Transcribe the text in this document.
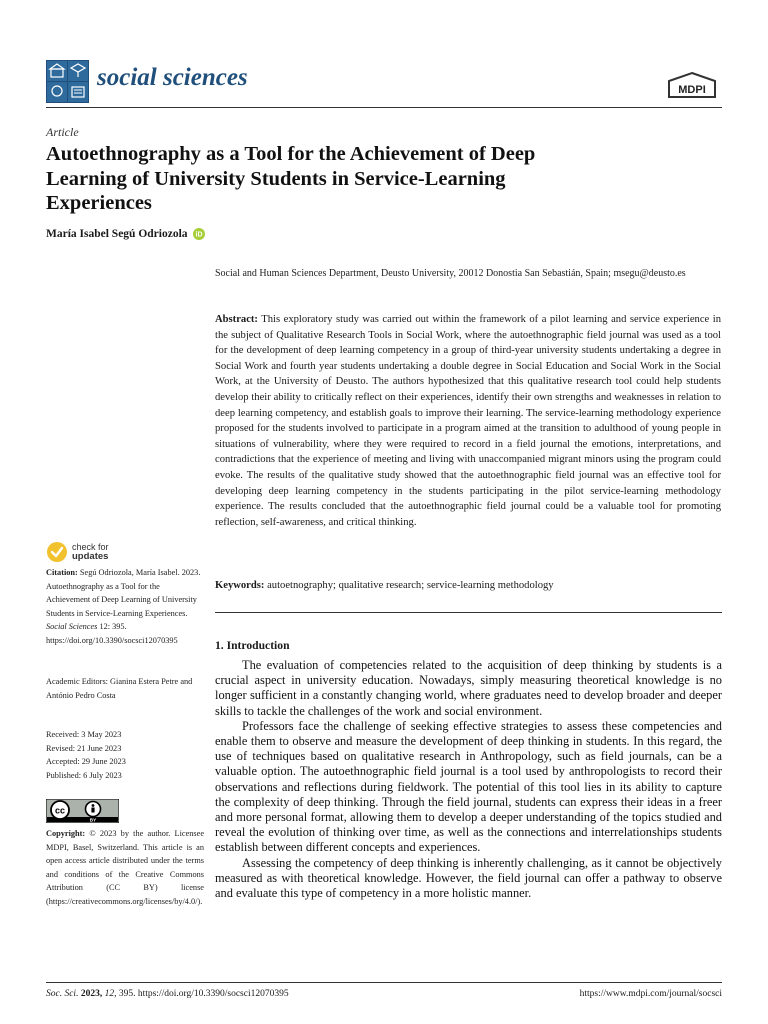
social sciences	MDPI
Article
Autoethnography as a Tool for the Achievement of Deep Learning of University Students in Service-Learning Experiences
María Isabel Segú Odriozola iD
Social and Human Sciences Department, Deusto University, 20012 Donostia San Sebastián, Spain; msegu@deusto.es
Abstract: This exploratory study was carried out within the framework of a pilot learning and service experience in the subject of Qualitative Research Tools in Social Work, where the autoethnographic field journal was used as a tool for the development of deep learning competency in a group of third-year university students undertaking a degree in Social Work and fourth year students undertaking a double degree in Social Education and Social Work in the Social Work, at the University of Deusto. The authors hypothesized that this qualitative research tool could help students develop their ability to critically reflect on their experiences, identify their own strengths and weaknesses in relation to deep learning competency, and establish goals to improve their learning. The service-learning methodology experience proposed for the students involved to participate in a program aimed at the transition to adulthood of young people in situations of vulnerability, where they were required to record in a field journal the emotions, interpretations, and contradictions that the experience of meeting and living with unaccompanied migrant minors using the program could evoke. The results of the qualitative study showed that the autoethnographic field journal was an effective tool for developing deep learning competency in the students participating in the pilot service-learning methodology experience. The results concluded that the autoethnographic field journal could be a valuable tool for promoting reflection, self-awareness, and critical thinking.
Keywords: autoetnography; qualitative research; service-learning methodology
check for
updates
Citation: Segú Odriozola, María Isabel. 2023. Autoethnography as a Tool for the Achievement of Deep Learning of University Students in Service-Learning Experiences. Social Sciences 12: 395. https://doi.org/10.3390/socsci12070395
Academic Editors: Gianina Estera Petre and António Pedro Costa
Received: 3 May 2023
Revised: 21 June 2023
Accepted: 29 June 2023
Published: 6 July 2023
cc
BY
Copyright: © 2023 by the author. Licensee MDPI, Basel, Switzerland. This article is an open access article distributed under the terms and conditions of the Creative Commons Attribution (CC BY) license (https://creativecommons.org/licenses/by/4.0/).
1. Introduction

The evaluation of competencies related to the acquisition of deep thinking by students is a crucial aspect in university education. Nowadays, simply measuring theoretical knowledge is no longer sufficient in a constantly changing world, where graduates need to develop broader and deeper skills to tackle the challenges of the work and social environment.

Professors face the challenge of seeking effective strategies to assess these competencies and enable them to observe and measure the development of deep thinking in students. In this regard, the use of techniques based on qualitative research in Anthropology, such as field journals, can be a valuable option. The autoethnographic field journal is a tool used by anthropologists to record their observations and reflections during fieldwork. The potential of this tool lies in its ability to capture the complexity of deep thinking. Through the field journal, students can express their ideas in a freer and more personal format, allowing them to develop a deeper understanding of the topics studied and reveal the evolution of thinking over time, as well as the connections and interrelationships students establish between different concepts and experiences.

Assessing the competency of deep thinking is inherently challenging, as it cannot be objectively measured as with theoretical knowledge. However, the field journal can offer a pathway to observe and evaluate this type of competency in a more holistic manner.

Soc. Sci. 2023, 12, 395. https://doi.org/10.3390/socsci12070395	https://www.mdpi.com/journal/socsci
